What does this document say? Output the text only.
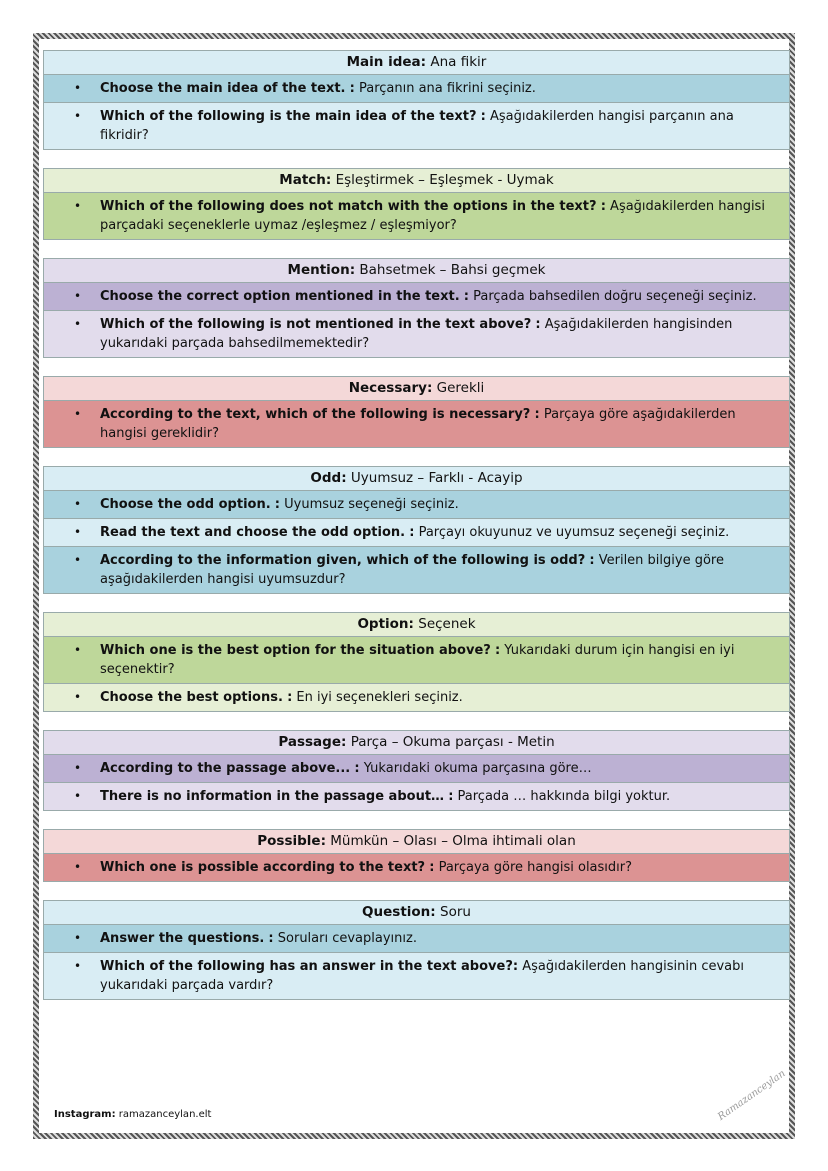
Main idea: Ana fikir
• Choose the main idea of the text. : Parçanın ana fikrini seçiniz.
• Which of the following is the main idea of the text? : Aşağıdakilerden hangisi parçanın ana fikridir?
Match: Eşleştirmek – Eşleşmek - Uymak
• Which of the following does not match with the options in the text? : Aşağıdakilerden hangisi parçadaki seçeneklerle uymaz /eşleşmez / eşleşmiyor?
Mention: Bahsetmek – Bahsi geçmek
• Choose the correct option mentioned in the text. : Parçada bahsedilen doğru seçeneği seçiniz.
• Which of the following is not mentioned in the text above? : Aşağıdakilerden hangisinden yukarıdaki parçada bahsedilmemektedir?
Necessary: Gerekli
• According to the text, which of the following is necessary? : Parçaya göre aşağıdakilerden hangisi gereklidir?
Odd: Uyumsuz – Farklı - Acayip
• Choose the odd option. : Uyumsuz seçeneği seçiniz.
• Read the text and choose the odd option. : Parçayı okuyunuz ve uyumsuz seçeneği seçiniz.
• According to the information given, which of the following is odd? : Verilen bilgiye göre aşağıdakilerden hangisi uyumsuzdur?
Option: Seçenek
• Which one is the best option for the situation above? : Yukarıdaki durum için hangisi en iyi seçenektir?
• Choose the best options. : En iyi seçenekleri seçiniz.
Passage: Parça – Okuma parçası - Metin
• According to the passage above... : Yukarıdaki okuma parçasına göre…
• There is no information in the passage about… : Parçada … hakkında bilgi yoktur.
Possible: Mümkün – Olası – Olma ihtimali olan
• Which one is possible according to the text? : Parçaya göre hangisi olasıdır?
Question: Soru
• Answer the questions. : Soruları cevaplayınız.
• Which of the following has an answer in the text above?: Aşağıdakilerden hangisinin cevabı yukarıdaki parçada vardır?
Instagram: ramazanceylan.elt	Ramazanceylan
